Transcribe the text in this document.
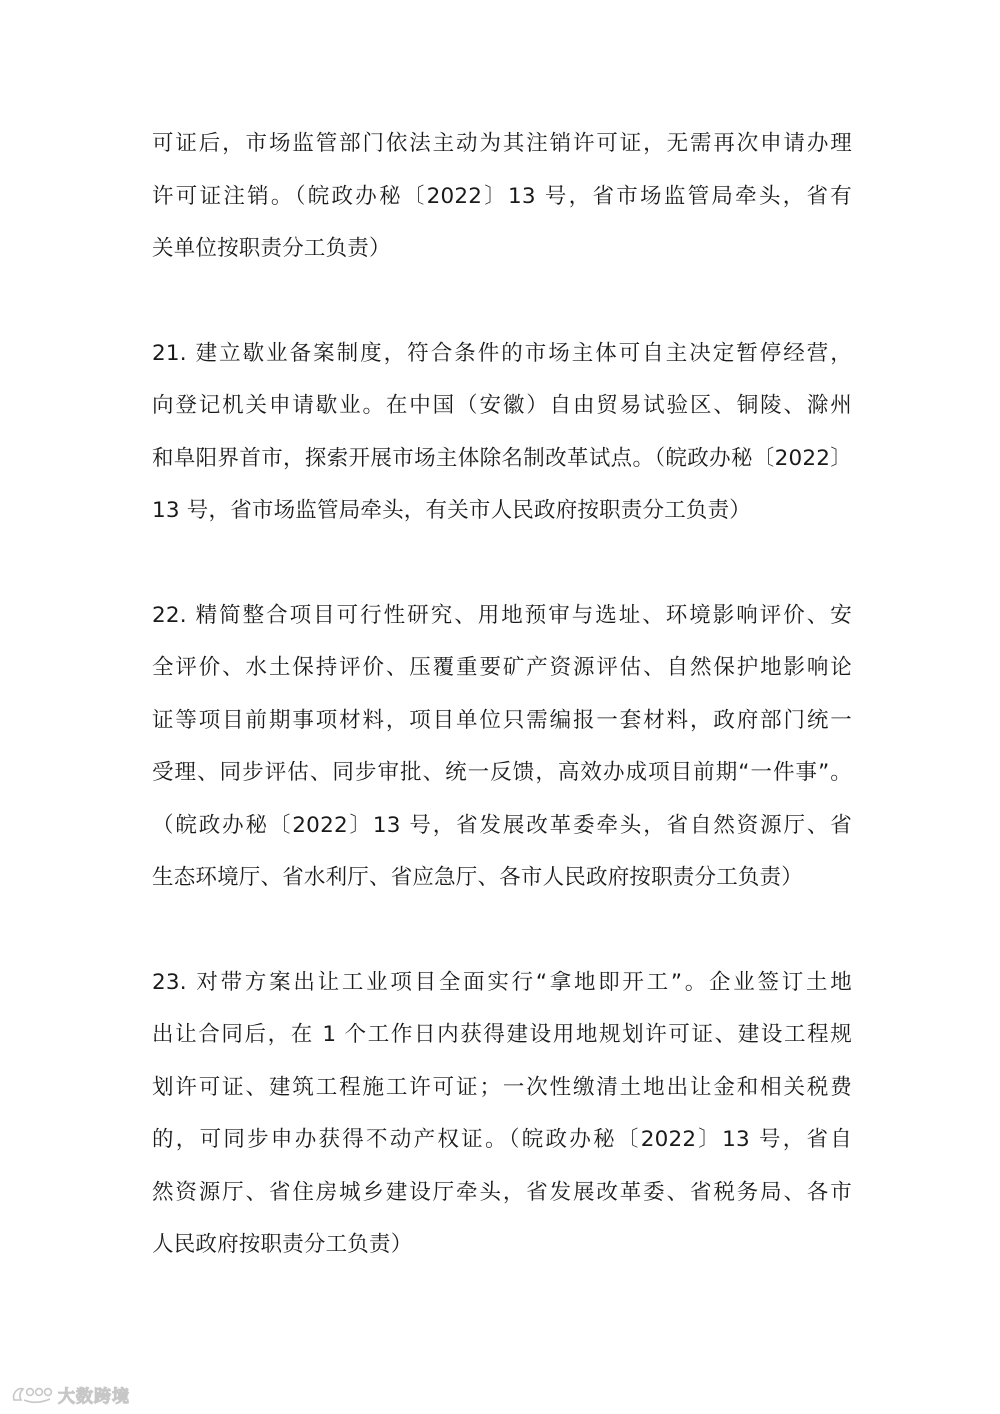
可证后，市场监管部门依法主动为其注销许可证，无需再次申请办理
许可证注销。（皖政办秘〔2022〕13 号，省市场监管局牵头，省有
关单位按职责分工负责）
21. 建立歇业备案制度，符合条件的市场主体可自主决定暂停经营，
向登记机关申请歇业。在中国（安徽）自由贸易试验区、铜陵、滁州
和阜阳界首市，探索开展市场主体除名制改革试点。（皖政办秘〔2022〕
13 号，省市场监管局牵头，有关市人民政府按职责分工负责）
22. 精简整合项目可行性研究、用地预审与选址、环境影响评价、安
全评价、水土保持评价、压覆重要矿产资源评估、自然保护地影响论
证等项目前期事项材料，项目单位只需编报一套材料，政府部门统一
受理、同步评估、同步审批、统一反馈，高效办成项目前期“一件事”。
（皖政办秘〔2022〕13 号，省发展改革委牵头，省自然资源厅、省
生态环境厅、省水利厅、省应急厅、各市人民政府按职责分工负责）
23. 对带方案出让工业项目全面实行“拿地即开工”。企业签订土地
出让合同后，在 1 个工作日内获得建设用地规划许可证、建设工程规
划许可证、建筑工程施工许可证；一次性缴清土地出让金和相关税费
的，可同步申办获得不动产权证。（皖政办秘〔2022〕13 号，省自
然资源厅、省住房城乡建设厅牵头，省发展改革委、省税务局、各市
人民政府按职责分工负责）
大数跨境
